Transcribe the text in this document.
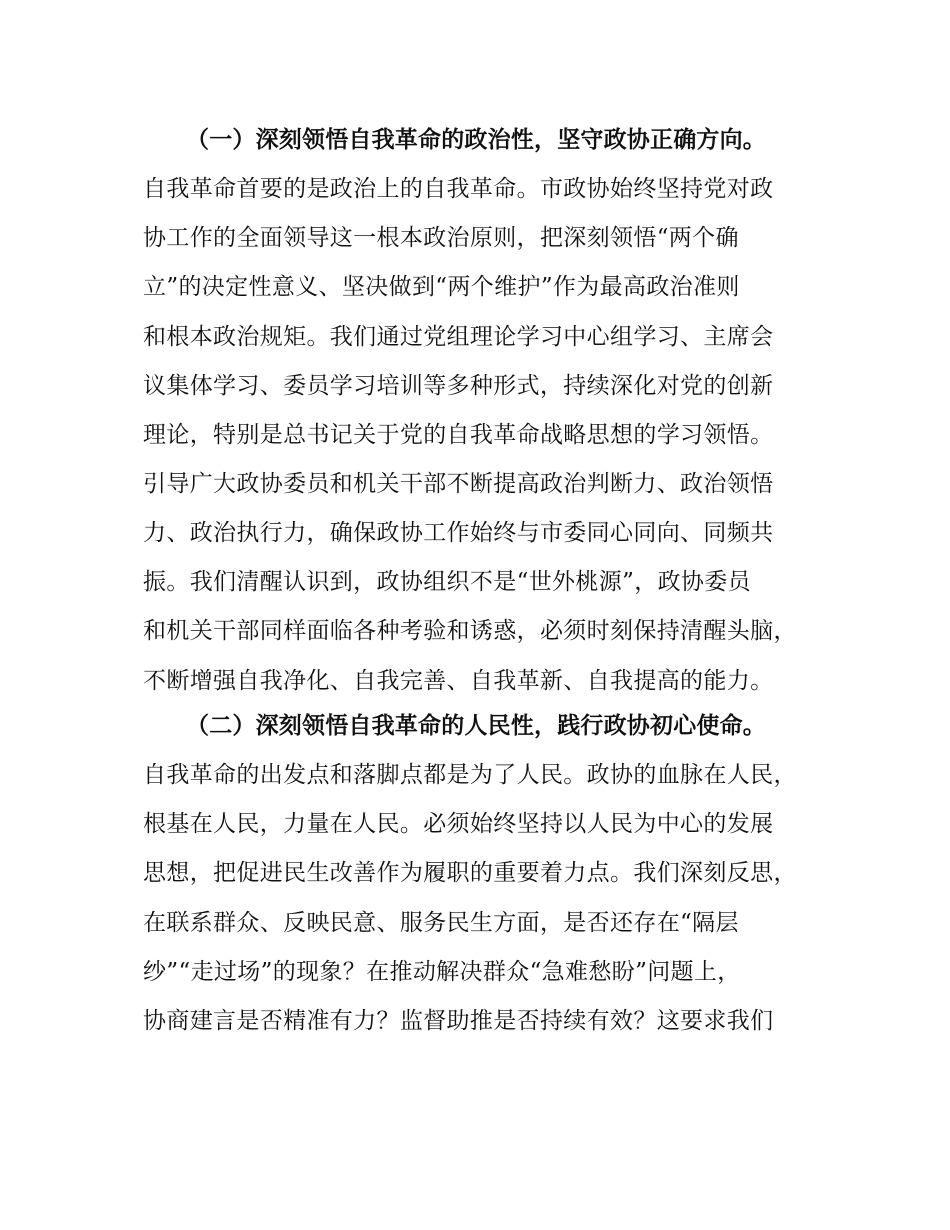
（一）深刻领悟自我革命的政治性，坚守政协正确方向。
自我革命首要的是政治上的自我革命。市政协始终坚持党对政
协工作的全面领导这一根本政治原则，把深刻领悟“两个确
立”的决定性意义、坚决做到“两个维护”作为最高政治准则
和根本政治规矩。我们通过党组理论学习中心组学习、主席会
议集体学习、委员学习培训等多种形式，持续深化对党的创新
理论，特别是总书记关于党的自我革命战略思想的学习领悟。
引导广大政协委员和机关干部不断提高政治判断力、政治领悟
力、政治执行力，确保政协工作始终与市委同心同向、同频共
振。我们清醒认识到，政协组织不是“世外桃源”，政协委员
和机关干部同样面临各种考验和诱惑，必须时刻保持清醒头脑，
不断增强自我净化、自我完善、自我革新、自我提高的能力。
（二）深刻领悟自我革命的人民性，践行政协初心使命。
自我革命的出发点和落脚点都是为了人民。政协的血脉在人民，
根基在人民，力量在人民。必须始终坚持以人民为中心的发展
思想，把促进民生改善作为履职的重要着力点。我们深刻反思，
在联系群众、反映民意、服务民生方面，是否还存在“隔层
纱”“走过场”的现象？在推动解决群众“急难愁盼”问题上，
协商建言是否精准有力？监督助推是否持续有效？这要求我们
